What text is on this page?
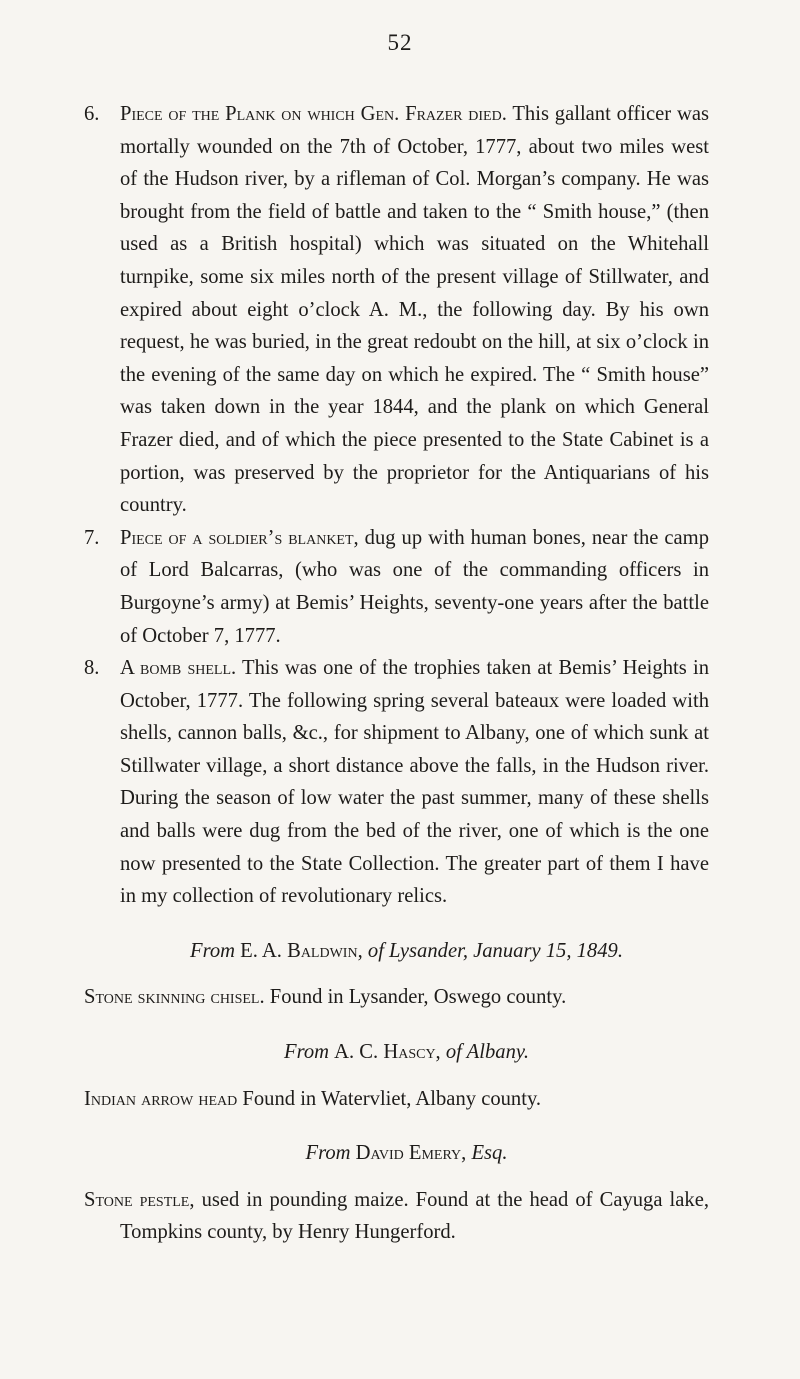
52

6. Piece of the Plank on which Gen. Frazer died. This gallant officer was mortally wounded on the 7th of October, 1777, about two miles west of the Hudson river, by a rifleman of Col. Morgan’s company. He was brought from the field of battle and taken to the “ Smith house,” (then used as a British hospital) which was situated on the Whitehall turnpike, some six miles north of the present village of Stillwater, and expired about eight o’clock A. M., the following day. By his own request, he was buried, in the great redoubt on the hill, at six o’clock in the evening of the same day on which he expired. The “ Smith house” was taken down in the year 1844, and the plank on which General Frazer died, and of which the piece presented to the State Cabinet is a portion, was preserved by the proprietor for the Antiquarians of his country.

7. Piece of a soldier’s blanket, dug up with human bones, near the camp of Lord Balcarras, (who was one of the commanding officers in Burgoyne’s army) at Bemis’ Heights, seventy-one years after the battle of October 7, 1777.

8. A bomb shell. This was one of the trophies taken at Bemis’ Heights in October, 1777. The following spring several bateaux were loaded with shells, cannon balls, &c., for shipment to Albany, one of which sunk at Stillwater village, a short distance above the falls, in the Hudson river. During the season of low water the past summer, many of these shells and balls were dug from the bed of the river, one of which is the one now presented to the State Collection. The greater part of them I have in my collection of revolutionary relics.

From E. A. Baldwin, of Lysander, January 15, 1849.

Stone skinning chisel. Found in Lysander, Oswego county.

From A. C. Hascy, of Albany.

Indian arrow head Found in Watervliet, Albany county.

From David Emery, Esq.

Stone pestle, used in pounding maize. Found at the head of Cayuga lake, Tompkins county, by Henry Hungerford.
